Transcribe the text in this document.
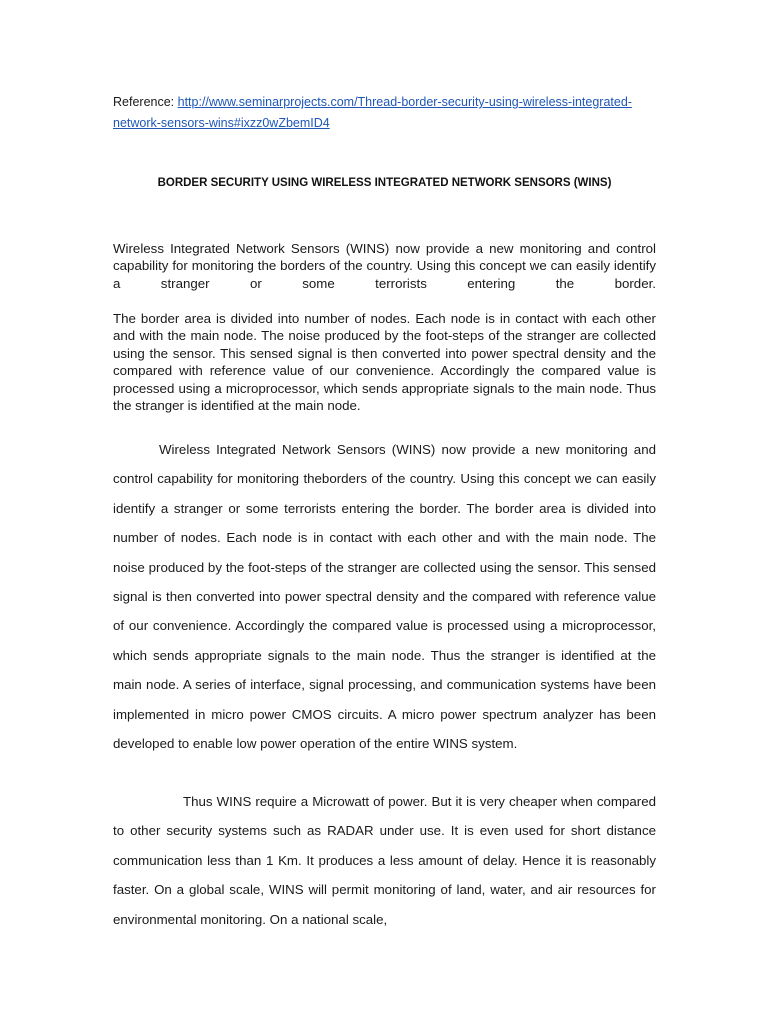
Reference: http://www.seminarprojects.com/Thread-border-security-using-wireless-integrated-network-sensors-wins#ixzz0wZbemID4
BORDER SECURITY USING WIRELESS INTEGRATED NETWORK SENSORS (WINS)

Wireless Integrated Network Sensors (WINS) now provide a new monitoring and control capability for monitoring the borders of the country. Using this concept we can easily identify a stranger or some terrorists entering the border.

The border area is divided into number of nodes. Each node is in contact with each other and with the main node. The noise produced by the foot-steps of the stranger are collected using the sensor. This sensed signal is then converted into power spectral density and the compared with reference value of our convenience. Accordingly the compared value is processed using a microprocessor, which sends appropriate signals to the main node. Thus the stranger is identified at the main node.

Wireless Integrated Network Sensors (WINS) now provide a new monitoring and control capability for monitoring theborders of the country. Using this concept we can easily identify a stranger or some terrorists entering the border. The border area is divided into number of nodes. Each node is in contact with each other and with the main node. The noise produced by the foot-steps of the stranger are collected using the sensor. This sensed signal is then converted into power spectral density and the compared with reference value of our convenience. Accordingly the compared value is processed using a microprocessor, which sends appropriate signals to the main node. Thus the stranger is identified at the main node. A series of interface, signal processing, and communication systems have been implemented in micro power CMOS circuits. A micro power spectrum analyzer has been developed to enable low power operation of the entire WINS system.

Thus WINS require a Microwatt of power. But it is very cheaper when compared to other security systems such as RADAR under use. It is even used for short distance communication less than 1 Km. It produces a less amount of delay. Hence it is reasonably faster. On a global scale, WINS will permit monitoring of land, water, and air resources for environmental monitoring. On a national scale,
